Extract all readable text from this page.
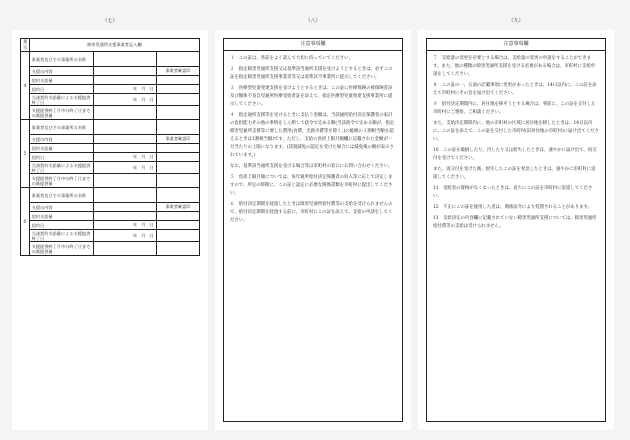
（七）
番号	障害児通所支援事業者記入欄		
4	事業者及びその事業所の名称		
	支援の内容		事業者確認印
	契約支給量		
	契約日	年　月　日	
	当該契約支給量による支援提供終了日	年　月　日	
	支援提供終了月中の終了日までの既提供量		
5	事業者及びその事業所の名称		
	支援の内容		事業者確認印
	契約支給量		
	契約日	年　月　日	
	当該契約支給量による支援提供終了日	年　月　日	
	支援提供終了月中の終了日までの既提供量		
6	事業者及びその事業所の名称		
	支援の内容		事業者確認印
	契約支給量		
	契約日	年　月　日	
	当該契約支給量による支援提供終了日	年　月　日	
	支援提供終了月中の終了日までの既提供量		
（八）
注意事項欄

１　この証は、各前をよく読んで大切に持っていてください。

２　指定障害児通所支援又は基準該当通所支援を受けようとするときは、必ずこの証を指定障害児通所支援事業者等又は基準該当事業所に提示してください。

３　医療型児童発達支援を受けようとするときは、この証に医療保険の被保険者証及び額体不良自児通所医療受給者証を添えて、指定医療型児童発達支援事業所に提示してください。

４　指定通所支援等を受けるときに支払う金額は、当該通所給付決定保護者の家計の負担能力その他の事情をしん酌して政令で定める額(当該政令で定める額が、指定障害児通所支援等に要した費用(食費、光熱水費等を除く。)の総額の１割相当額を超えるときは1割相当額)です。ただし、支給の負担上限月額欄に記載された金額が一月当たりの上限になります。(該置減免の認定を受けた場合には減免後の額が表示されています。)

なお、基準該当通所支援を受ける場合等は市町村の窓口にお問い合わせください。

５　負担上限月額については、毎年通所給付決定保護者の収入等に応じて決定しますので、所定の時期に、この証と認定に必要な関係書類を市町村に提出してください。

６　給付決定期間を経過したときは障害児通所給付費等の支給を受けられませんので、給付決定期間を経過する前に、市町村にこの証を添えて、支給の申請をしてください。

（九）
注意事項欄

７　支給量の変更を必要とする場合は、支給量の変更の申請をすることができます。また、他の種類の障害児通所支援を受ける必要がある場合は、市町村に支給申請をしてください。

８　この証の一、五面の記載事項に変更があったときは、14日以内に、この証を添えて市町村にその旨を届け出てください。

９　給付決定期間内に、居住地を移そうとする場合は、事前に、この証を交付した市町村にご連絡、ご相談ください。

また、支給決定期間内に、他の市町村の区域に居住地を移したときは、14日以内に、この証を添えて、この証を交付した市町村(旧居住地の市町村)に届け出てください。

10　この証を破損したり、汚したり又は紛失したときは、速やかに届け出て、再交付を受けてください。

また、再交付を受けた後、紛失したこの証を発見したときは、速やかに市町村に返還してください。

11　受給者の資格がなくなったときは、直ちにこの証を市町村に返還してください。

12　不正にこの証を使用した者は、関係法令により処罰されることがあります。

13　支給決定の内容欄に記載されていない障害児通所支援については、障害児通所給付費等の支給は受けられません。
